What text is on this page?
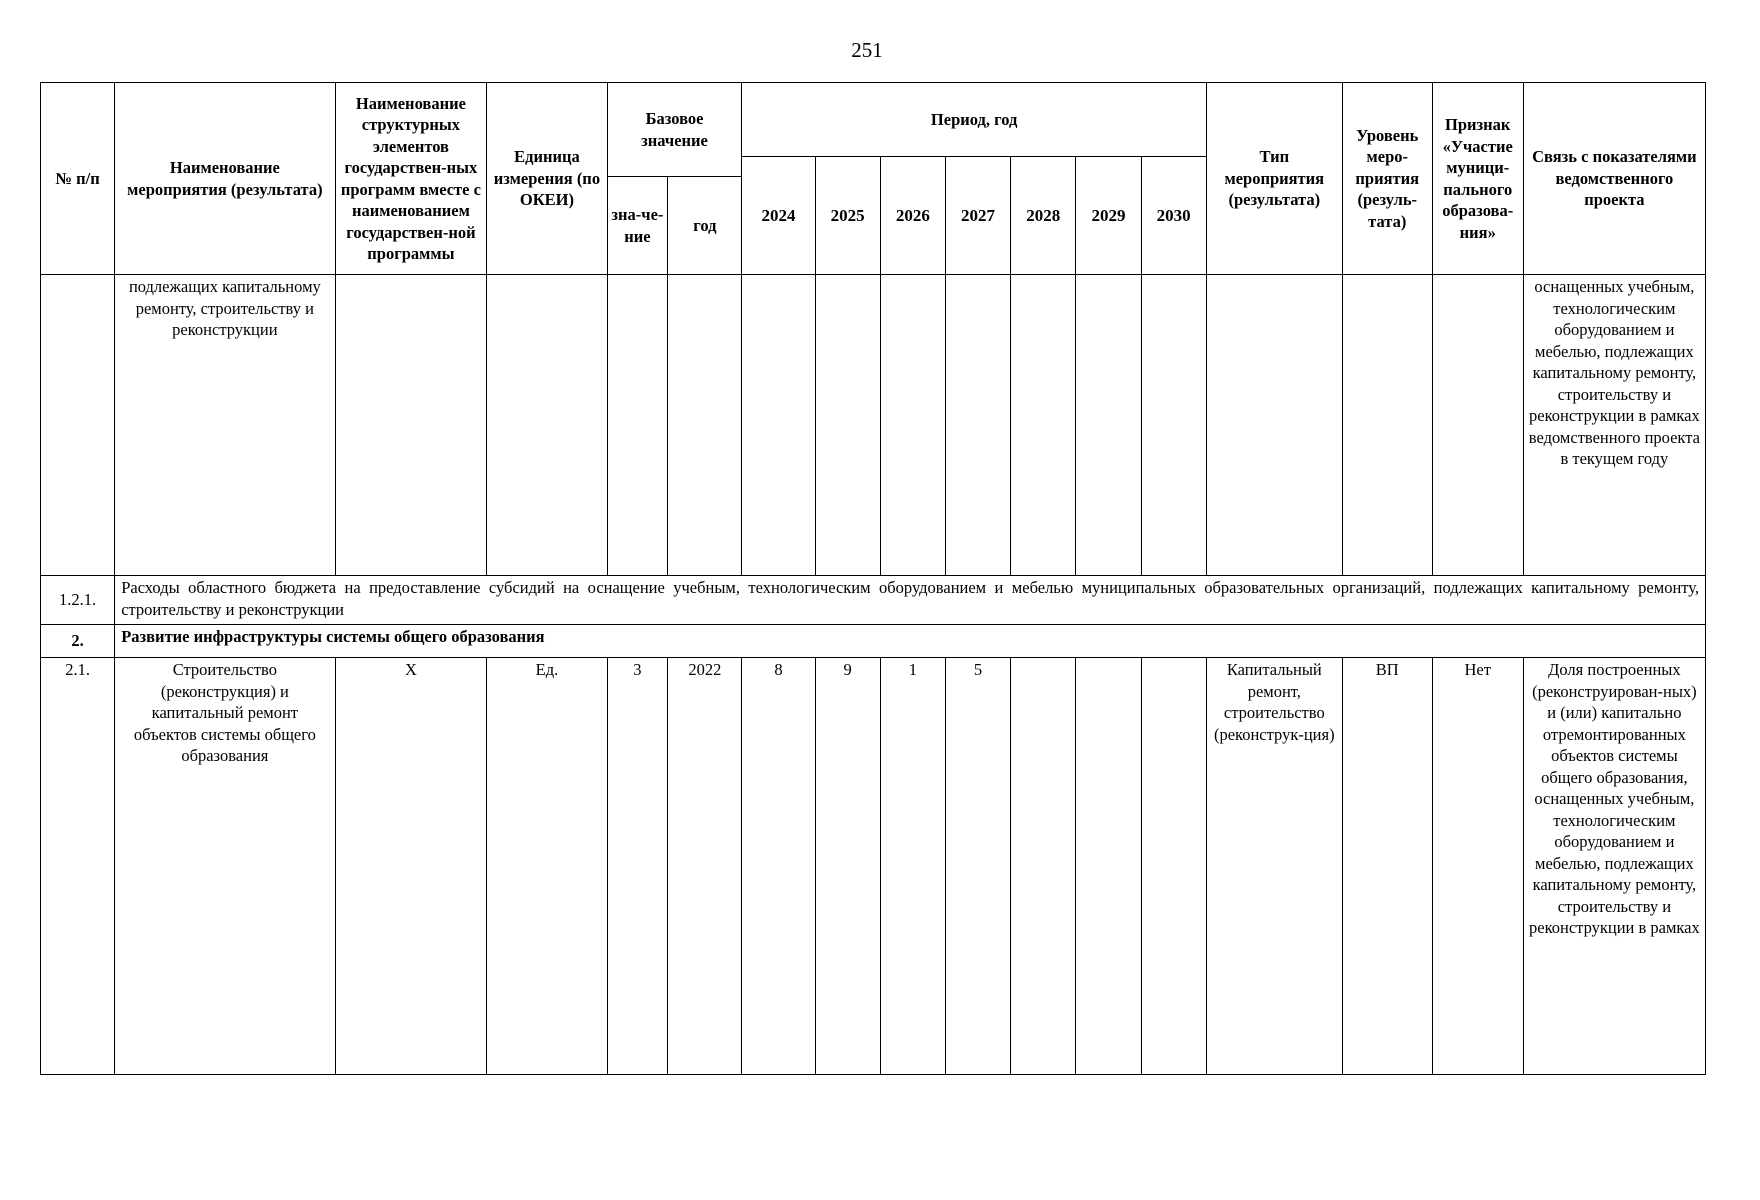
251
№ п/п	Наименование мероприятия (результата)	Наименование структурных элементов государствен-ных программ вместе с наименованием государствен-ной программы	Единица измерения (по ОКЕИ)	Базовое значение		Период, год							Тип мероприятия (результата)	Уровень меро-приятия (резуль-тата)	Признак «Участие муници-пального образова-ния»	Связь с показателями ведомственного проекта
						2024	2025	2026	2027	2028	2029	2030				
				зна-че-ние	год											
	подлежащих капитальному ремонту, строительству и реконструкции															оснащенных учебным, технологическим оборудованием и мебелью, подлежащих капитальному ремонту, строительству и реконструкции в рамках ведомственного проекта в текущем году
1.2.1.	Расходы областного бюджета на предоставление субсидий на оснащение учебным, технологическим оборудованием и мебелью муниципальных образовательных организаций, подлежащих капитальному ремонту, строительству и реконструкции															
2.	Развитие инфраструктуры системы общего образования															
2.1.	Строительство (реконструкция) и капитальный ремонт объектов системы общего образования	Х	Ед.	3	2022	8	9	1	5				Капитальный ремонт, строительство (реконструк-ция)	ВП	Нет	Доля построенных (реконструирован-ных) и (или) капитально отремонтированных объектов системы общего образования, оснащенных учебным, технологическим оборудованием и мебелью, подлежащих капитальному ремонту, строительству и реконструкции в рамках
